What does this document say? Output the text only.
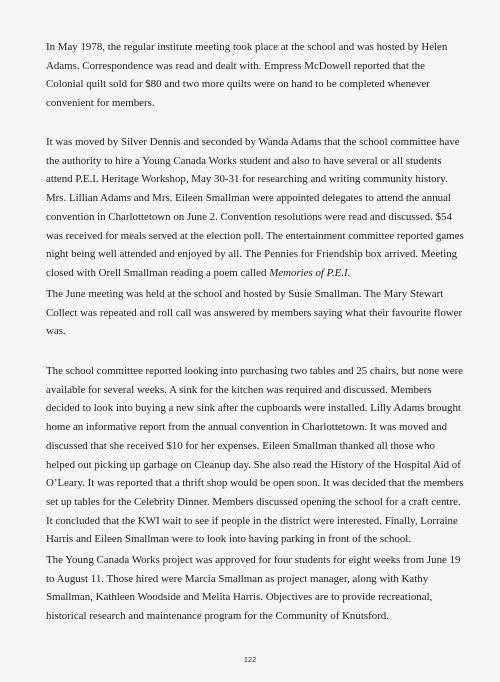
In May 1978, the regular institute meeting took place at the school and was hosted by Helen Adams. Correspondence was read and dealt with. Empress McDowell reported that the Colonial quilt sold for $80 and two more quilts were on hand to be completed whenever convenient for members.

It was moved by Silver Dennis and seconded by Wanda Adams that the school committee have the authority to hire a Young Canada Works student and also to have several or all students attend P.E.I. Heritage Workshop, May 30-31 for researching and writing community history. Mrs. Lillian Adams and Mrs. Eileen Smallman were appointed delegates to attend the annual convention in Charlottetown on June 2. Convention resolutions were read and discussed. $54 was received for meals served at the election poll. The entertainment committee reported games night being well attended and enjoyed by all. The Pennies for Friendship box arrived. Meeting closed with Orell Smallman reading a poem called Memories of P.E.I.

The June meeting was held at the school and hosted by Susie Smallman. The Mary Stewart Collect was repeated and roll call was answered by members saying what their favourite flower was.

The school committee reported looking into purchasing two tables and 25 chairs, but none were available for several weeks. A sink for the kitchen was required and discussed. Members decided to look into buying a new sink after the cupboards were installed. Lilly Adams brought home an informative report from the annual convention in Charlottetown. It was moved and discussed that she received $10 for her expenses. Eileen Smallman thanked all those who helped out picking up garbage on Cleanup day. She also read the History of the Hospital Aid of O’Leary. It was reported that a thrift shop would be open soon. It was decided that the members set up tables for the Celebrity Dinner. Members discussed opening the school for a craft centre. It concluded that the KWI wait to see if people in the district were interested. Finally, Lorraine Harris and Eileen Smallman were to look into having parking in front of the school.

The Young Canada Works project was approved for four students for eight weeks from June 19 to August 11. Those hired were Marcia Smallman as project manager, along with Kathy Smallman, Kathleen Woodside and Melita Harris. Objectives are to provide recreational, historical research and maintenance program for the Community of Knutsford.

122
